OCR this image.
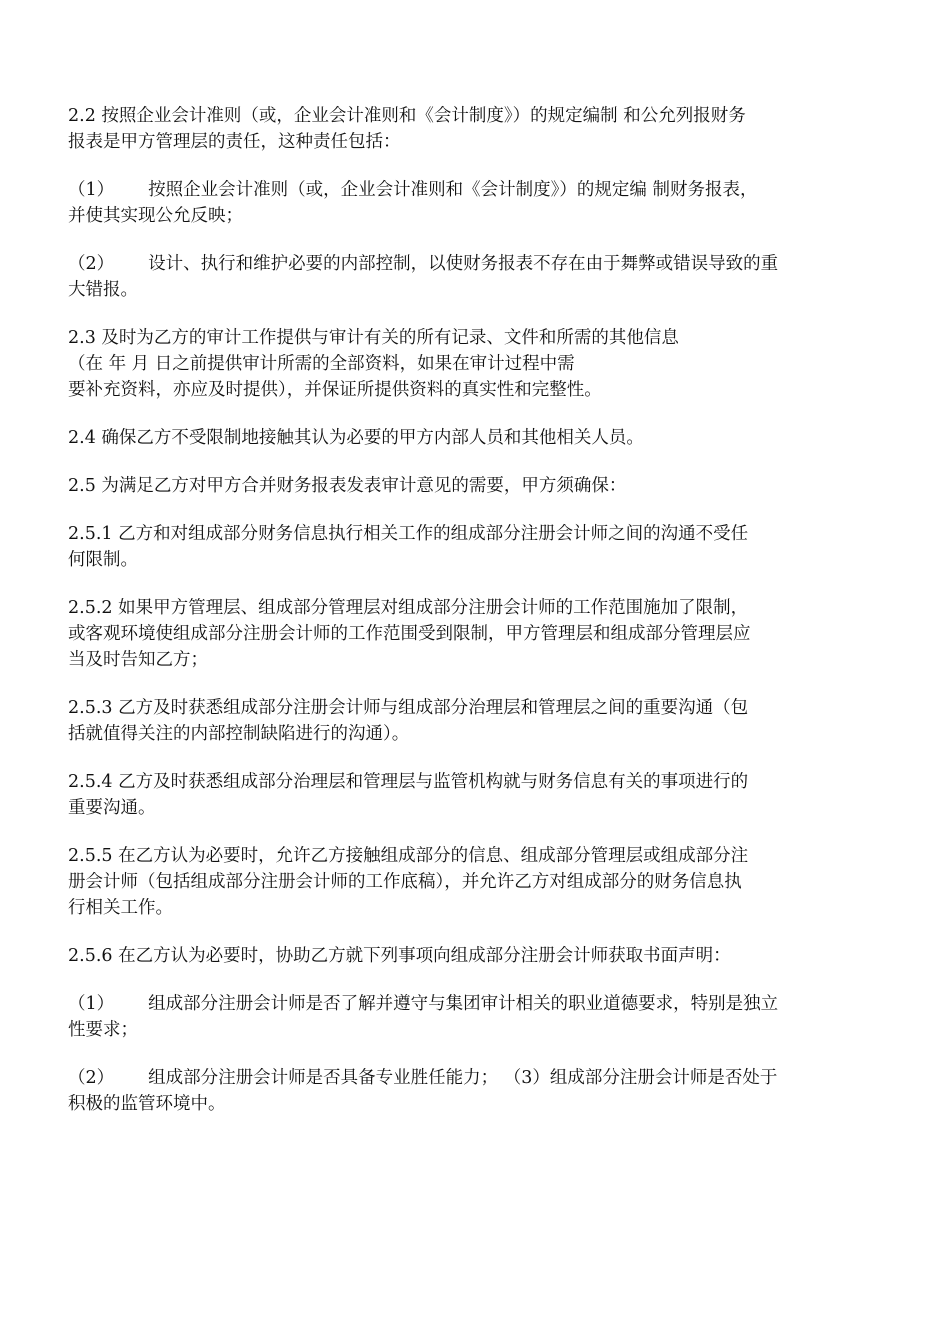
2.2 按照企业会计准则（或，企业会计准则和《会计制度》）的规定编制 和公允列报财务
报表是甲方管理层的责任，这种责任包括：

（1） 按照企业会计准则（或，企业会计准则和《会计制度》）的规定编 制财务报表，
并使其实现公允反映；

（2） 设计、执行和维护必要的内部控制，以使财务报表不存在由于舞弊或错误导致的重
大错报。

2.3 及时为乙方的审计工作提供与审计有关的所有记录、文件和所需的其他信息
（在 年 月 日之前提供审计所需的全部资料，如果在审计过程中需
要补充资料，亦应及时提供），并保证所提供资料的真实性和完整性。

2.4 确保乙方不受限制地接触其认为必要的甲方内部人员和其他相关人员。

2.5 为满足乙方对甲方合并财务报表发表审计意见的需要，甲方须确保：

2.5.1 乙方和对组成部分财务信息执行相关工作的组成部分注册会计师之间的沟通不受任
何限制。

2.5.2 如果甲方管理层、组成部分管理层对组成部分注册会计师的工作范围施加了限制，
或客观环境使组成部分注册会计师的工作范围受到限制，甲方管理层和组成部分管理层应
当及时告知乙方；

2.5.3 乙方及时获悉组成部分注册会计师与组成部分治理层和管理层之间的重要沟通（包
括就值得关注的内部控制缺陷进行的沟通）。

2.5.4 乙方及时获悉组成部分治理层和管理层与监管机构就与财务信息有关的事项进行的
重要沟通。

2.5.5 在乙方认为必要时，允许乙方接触组成部分的信息、组成部分管理层或组成部分注
册会计师（包括组成部分注册会计师的工作底稿），并允许乙方对组成部分的财务信息执
行相关工作。

2.5.6 在乙方认为必要时，协助乙方就下列事项向组成部分注册会计师获取书面声明：

（1） 组成部分注册会计师是否了解并遵守与集团审计相关的职业道德要求，特别是独立
性要求；

（2） 组成部分注册会计师是否具备专业胜任能力； （3）组成部分注册会计师是否处于
积极的监管环境中。
